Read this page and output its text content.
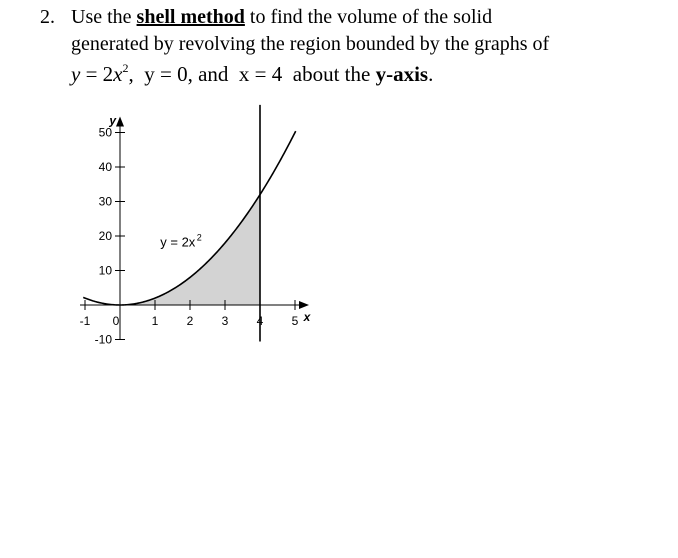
2. Use the shell method to find the volume of the solid
generated by revolving the region bounded by the graphs of
$y = 2x^2$,  y = 0, and x = 4 about the y-axis.
-1 0	1 2 3 4 5
-10
10
20
30
40
50
x
y
y = 2x 2
